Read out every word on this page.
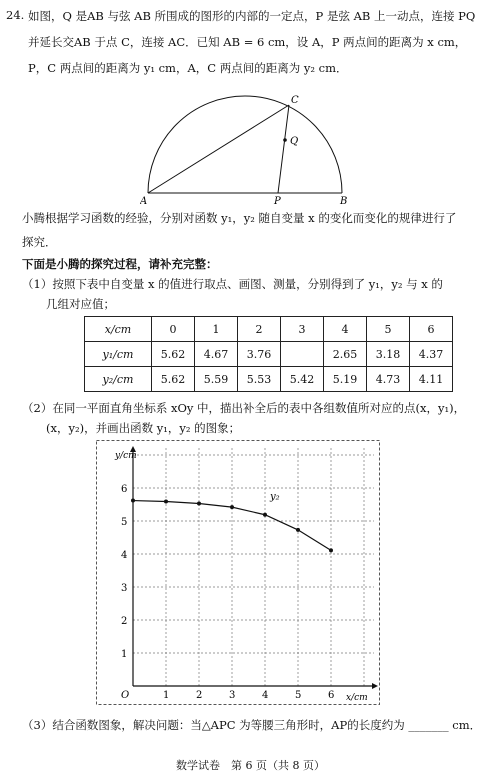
24. 如图，Q 是AB 与弦 AB 所围成的图形的内部的一定点，P 是弦 AB 上一动点，连接 PQ
并延长交AB 于点 C，连接 AC．已知 AB = 6 cm，设 A，P 两点间的距离为 x cm，
P，C 两点间的距离为 y₁ cm，A，C 两点间的距离为 y₂ cm．
A	B
C
P
Q
小腾根据学习函数的经验，分别对函数 y₁，y₂ 随自变量 x 的变化而变化的规律进行了
探究．
下面是小腾的探究过程，请补充完整：
（1）按照下表中自变量 x 的值进行取点、画图、测量，分别得到了 y₁，y₂ 与 x 的
几组对应值；
x/cm	0	1	2	3	4	5	6
y₁/cm	5.62	4.67	3.76		2.65	3.18	4.37
y₂/cm	5.62	5.59	5.53	5.42	5.19	4.73	4.11
（2）在同一平面直角坐标系 xOy 中，描出补全后的表中各组数值所对应的点(x，y₁)，
(x，y₂)，并画出函数 y₁，y₂ 的图象；
y/cm
x/cm
O	1	2	3	4	5	6
1
2
3
4
5
6
y₂
（3）结合函数图象，解决问题：当△APC 为等腰三角形时，AP的长度约为 _______ cm．
数学试卷　第 6 页（共 8 页）
